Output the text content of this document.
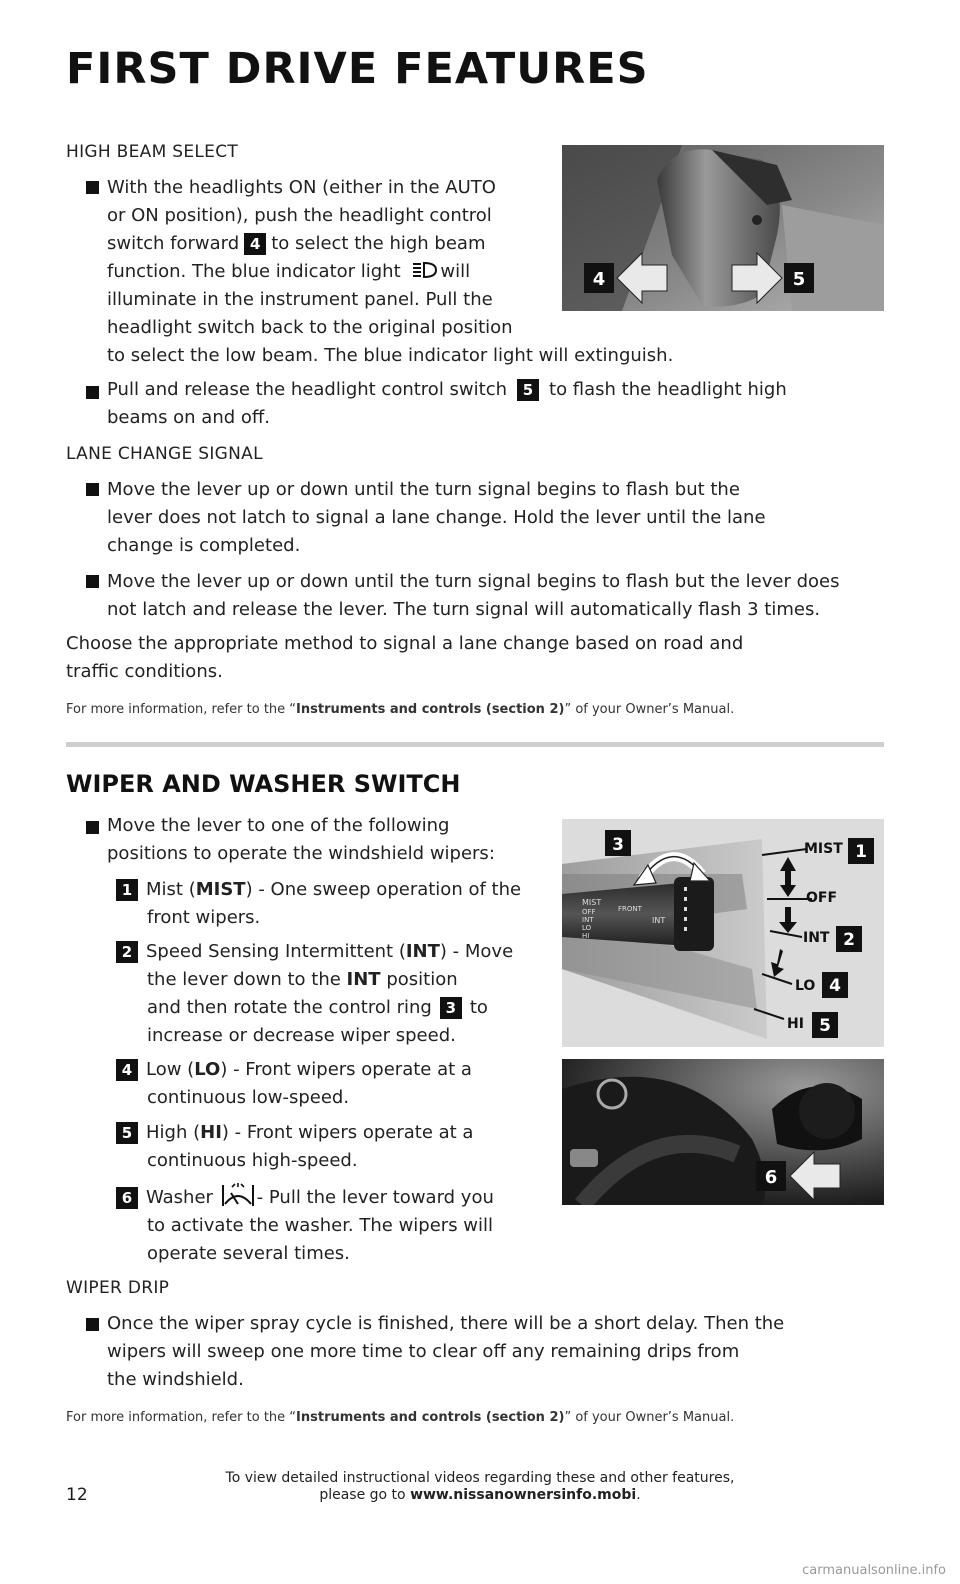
FIRST DRIVE FEATURES
HIGH BEAM SELECT
With the headlights ON (either in the AUTO
or ON position), push the headlight control
switch forward 4 to select the high beam
function. The blue indicator light will
illuminate in the instrument panel. Pull the
headlight switch back to the original position
to select the low beam. The blue indicator light will extinguish.
Pull and release the headlight control switch 5 to flash the headlight high
beams on and off.
4	5
LANE CHANGE SIGNAL
Move the lever up or down until the turn signal begins to flash but the
lever does not latch to signal a lane change. Hold the lever until the lane
change is completed.
Move the lever up or down until the turn signal begins to flash but the lever does
not latch and release the lever. The turn signal will automatically flash 3 times.
Choose the appropriate method to signal a lane change based on road and
traffic conditions.
For more information, refer to the “Instruments and controls (section 2)” of your Owner’s Manual.
WIPER AND WASHER SWITCH
Move the lever to one of the following
positions to operate the windshield wipers:
1 Mist (MIST) - One sweep operation of the
front wipers.
2 Speed Sensing Intermittent (INT) - Move
the lever down to the INT position
and then rotate the control ring 3 to
increase or decrease wiper speed.
4 Low (LO) - Front wipers operate at a
continuous low-speed.
5 High (HI) - Front wipers operate at a
continuous high-speed.
6 Washer - Pull the lever toward you
to activate the washer. The wipers will
operate several times.
MIST
OFF
INT
LO
HI
FRONT
INT
3	MIST 1
OFF
INT 2
LO 4
HI 5
6
WIPER DRIP
Once the wiper spray cycle is finished, there will be a short delay. Then the
wipers will sweep one more time to clear off any remaining drips from
the windshield.
For more information, refer to the “Instruments and controls (section 2)” of your Owner’s Manual.
12
To view detailed instructional videos regarding these and other features,
please go to www.nissanownersinfo.mobi.
carmanualsonline.info
